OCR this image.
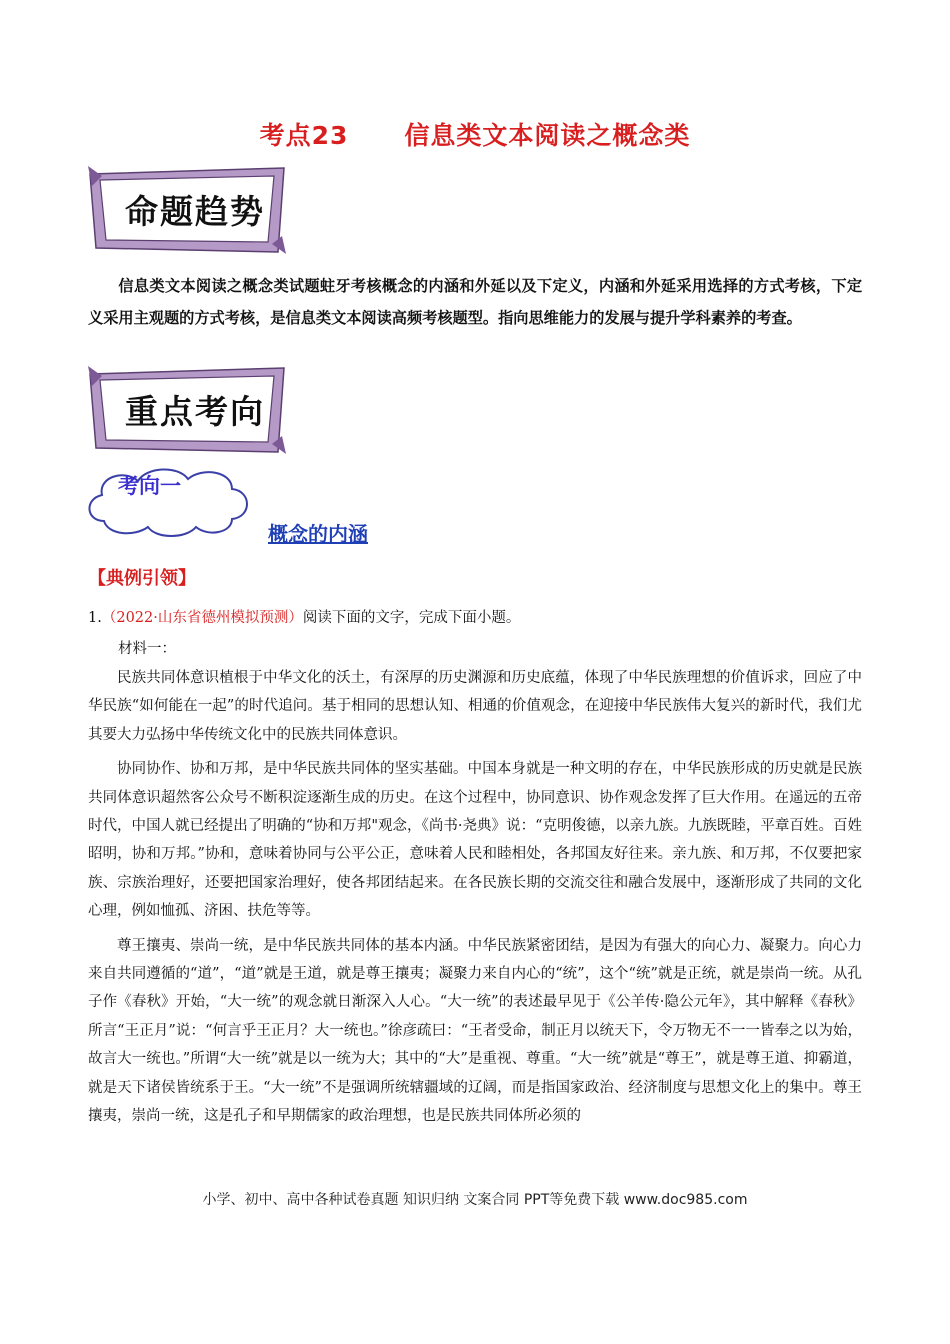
考点23 信息类文本阅读之概念类
命题趋势
信息类文本阅读之概念类试题蛀牙考核概念的内涵和外延以及下定义，内涵和外延采用选择的方式考核，下定义采用主观题的方式考核，是信息类文本阅读高频考核题型。指向思维能力的发展与提升学科素养的考查。
重点考向
考向一
概念的内涵
【典例引领】
1.（2022·山东省德州模拟预测）阅读下面的文字，完成下面小题。
材料一：

民族共同体意识植根于中华文化的沃土，有深厚的历史渊源和历史底蕴，体现了中华民族理想的价值诉求，回应了中华民族“如何能在一起”的时代追问。基于相同的思想认知、相通的价值观念，在迎接中华民族伟大复兴的新时代，我们尤其要大力弘扬中华传统文化中的民族共同体意识。

协同协作、协和万邦，是中华民族共同体的坚实基础。中国本身就是一种文明的存在，中华民族形成的历史就是民族共同体意识超然客公众号不断积淀逐渐生成的历史。在这个过程中，协同意识、协作观念发挥了巨大作用。在遥远的五帝时代，中国人就已经提出了明确的“协和万邦"观念，《尚书·尧典》说：“克明俊德，以亲九族。九族既睦，平章百姓。百姓昭明，协和万邦。”协和，意味着协同与公平公正，意味着人民和睦相处，各邦国友好往来。亲九族、和万邦，不仅要把家族、宗族治理好，还要把国家治理好，使各邦团结起来。在各民族长期的交流交往和融合发展中，逐渐形成了共同的文化心理，例如恤孤、济困、扶危等等。

尊王攘夷、崇尚一统，是中华民族共同体的基本内涵。中华民族紧密团结，是因为有强大的向心力、凝聚力。向心力来自共同遵循的“道”，“道”就是王道，就是尊王攘夷；凝聚力来自内心的“统”，这个“统”就是正统，就是崇尚一统。从孔子作《春秋》开始，“大一统”的观念就日渐深入人心。“大一统”的表述最早见于《公羊传·隐公元年》，其中解释《春秋》所言“王正月”说：“何言乎王正月？大一统也。”徐彦疏曰：“王者受命，制正月以统天下，令万物无不一一皆奉之以为始，故言大一统也。”所谓“大一统”就是以一统为大；其中的“大”是重视、尊重。“大一统”就是“尊王”，就是尊王道、抑霸道，就是天下诸侯皆统系于王。“大一统”不是强调所统辖疆域的辽阔，而是指国家政治、经济制度与思想文化上的集中。尊王攘夷，崇尚一统，这是孔子和早期儒家的政治理想，也是民族共同体所必须的

小学、初中、高中各种试卷真题 知识归纳 文案合同 PPT等免费下载 www.doc985.com
